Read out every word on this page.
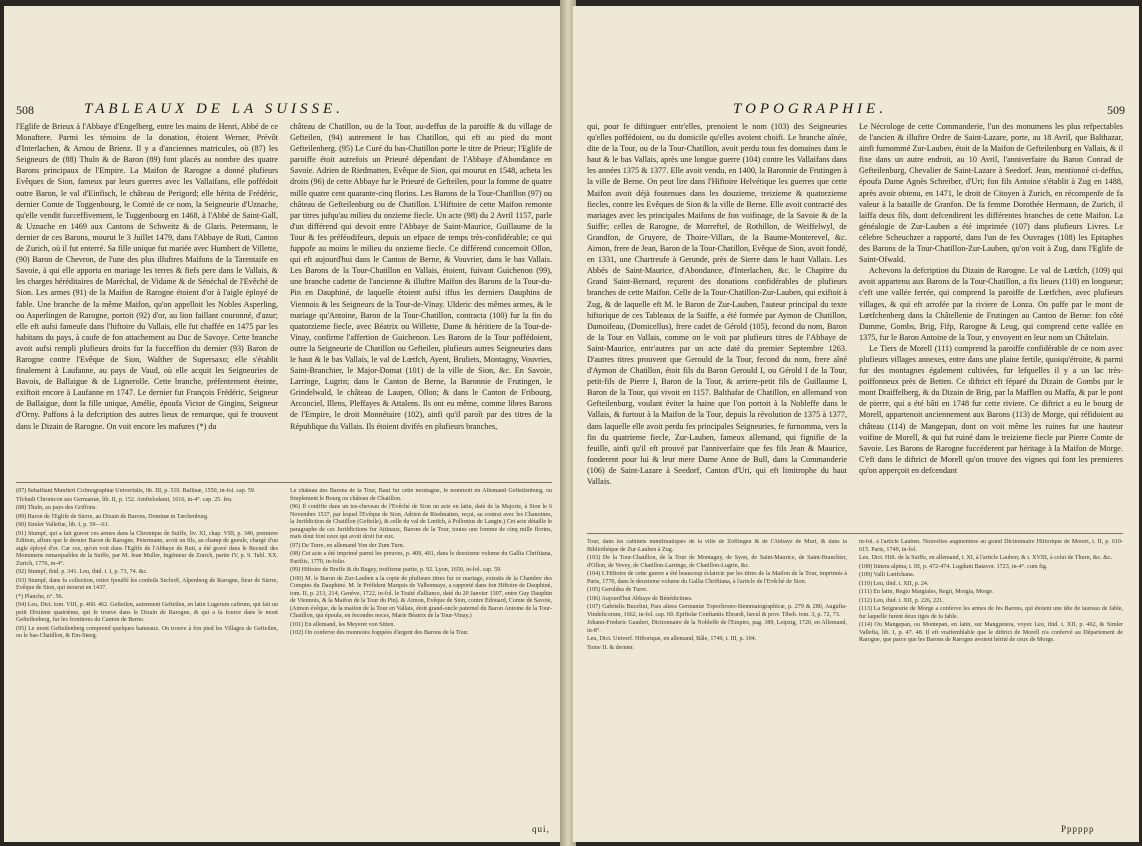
508	TABLEAUX DE LA SUISSE.

l'Eglife de Brieux à l'Abbaye d'Engelberg, entre les mains de Henri, Abbé de ce Monaftere. Parmi les témoins de la donation, étoient Werner, Prévôt d'Interlachen, & Arnou de Brienz. Il y a d'anciennes matricules, où (87) les Seigneurs de (88) Thuln & de Baron (89) font placés au nombre des quatre Barons principaux de l'Empire. La Maifon de Rarogne a donné plufieurs Evêques de Sion, fameux par leurs guerres avec les Vallaifans, elle poffédoit outre Baron, le val d'Einfisch, le château de Perigord; elle hérita de Frédéric, dernier Comte de Toggenbourg, le Comté de ce nom, la Seigneurie d'Uznache, qu'elle vendit fucceffivement, le Tuggenbourg en 1468, à l'Abbé de Saint-Gall, & Uznache en 1469 aux Cantons de Schweitz & de Glaris. Petermann, le dernier de ces Barons, mourut le 3 Juillet 1479, dans l'Abbaye de Ruti, Canton de Zurich, où il fut enterré. Sa fille unique fut mariée avec Humbert de Villette, (90) Baron de Chevron, de l'une des plus illuftres Maifons de la Tarentaife en Savoie, à qui elle apporta en mariage les terres & fiefs pere dans le Vallais, & les charges héréditaires de Maréchal, de Vidame & de Sénéchal de l'Evêché de Sion. Les armes (91) de la Maifon de Rarogne étoient d'or à l'aigle éployé de fable. Une branche de la même Maifon, qu'on appelloit les Nobles Asperling, ou Asperlingen de Rarogne, portoit (92) d'or, au lion faillant couronné, d'azur; elle eft aufsi fameufe dans l'hiftoire du Vallais, elle fut chaffée en 1475 par les habitans du pays, à caufe de fon attachement au Duc de Savoye. Cette branche avoit aufsi rempli plufieurs droits fur la fucceffion du dernier (93) Baron de Rarogne contre l'Evêque de Sion, Walther de Supersaxo; elle s'établit finalement à Laufanne, au pays de Vaud, où elle acquit les Seigneuries de Bavois, de Ballaigue & de Lignerolle. Cette branche, préfentement éteinte, exiftoit encore à Laufanne en 1747. Le dernier fut François Frédéric, Seigneur de Ballaigue, dont la fille unique, Amélie, époufa Victor de Gingins, Seigneur d'Orny. Paffons à la defcription des autres lieux de remarque, qui fe trouvent dans le Dizain de Rarogne. On voit encore les mafures (*) du

château de Chatillon, ou de la Tour, au-deffus de la paroiffe & du village de Gefteilen, (94) autrement le bas Chatillon, qui eft au pied du mont Gefteilenberg. (95) Le Curé du bas-Chatillon porte le titre de Prieur; l'Eglife de paroiffe étoit autrefois un Prieuré dépendant de l'Abbaye d'Abondance en Savoie. Adrien de Riedmatten, Evêque de Sion, qui mourut en 1548, acheta les droits (96) de cette Abbaye fur le Prieuré de Gefteilen, pour la fomme de quatre mille quatre cent quarante-cinq florins. Les Barons de la Tour-Chatillon (97) ou château de Gefteilenburg ou de Chatillon. L'Hiftoire de cette Maifon remonte par titres jufqu'au milieu du onzieme fiecle. Un acte (98) du 2 Avril 1157, parle d'un différend qui devoit entre l'Abbaye de Saint-Maurice, Guillaume de la Tour & fes préféodifeurs, depuis un efpace de temps très-confidérable; ce qui fuppofe au moins le milieu du onzieme fiecle. Ce différend concernoit Ollon, qui eft aujourd'hui dans le Canton de Berne, & Vouvrier, dans le bas Vallais. Les Barons de la Tour-Chatillon en Vallais, étoient, fuivant Guichenon (99), une branche cadette de l'ancienne & illuftre Maifon des Barons de la Tour-du-Pin en Dauphiné, de laquelle étoient aufsi iffus les derniers Dauphins de Viennois & les Seigneurs de la Tour-de-Vinay. Ulderic des mêmes armes, & le mariage qu'Antoine, Baron de la Tour-Chatillon, contracta (100) fur la fin du quatorzieme fiecle, avec Béatrix ou Willette, Dame & héritiere de la Tour-de-Vinay, confirme l'affertion de Guichenon. Les Barons de la Tour poffédoient, outre la Seigneurie de Chatillon ou Gefteilen, plufieurs autres Seigneuries dans le haut & le bas Vallais, le val de Lœtfch, Ayent, Bruliets, Montagny, Vouvries, Saint-Branchier, le Major-Domat (101) de la ville de Sion, &c. En Savoie, Larringe, Lugrin; dans le Canton de Berne, la Baronnie de Frutingen, le Grindelwald, le château de Laupen, Ollon; & dans le Canton de Fribourg, Arconciel, Illens, Pleffayes & Attalens. Ils ont eu même, comme libres Barons de l'Empire, le droit Monnétaire (102), ainfi qu'il paroît par des titres de la République du Vallais. Ils étoient divifés en plufieurs branches,

(87) Sebaftiani Munfteri Cofmographiæ Univerfalis, lib. III, p. 510. Bafileæ, 1550, in-fol. cap. 59.

Tfchudi Chronicon seu Germaniæ, lib. II, p. 152. Amftelodami, 1616, in-4°. cap. 25. feu.

(88) Thuln, au pays des Griffons.

(89) Baron de l'Eglife de Sierre, au Dizain de Barons, Dominæ in Tæchenburg.

(90) Simler Vallefiæ, lib. I, p. 59—61.

(91) Stumpf, qui a fait graver ces armes dans la Chronique de Suiffe, liv. XI, chap. VIII, p. 340, premiere Edition, affure que le dernier Baron de Rarogne, Petermann, avoit un fils, au champ de gueule, chargé d'un aigle éployé d'or. Car ces, qu'on voit dans l'Eglife de l'Abbaye de Ruti, a été gravé dans le Recueil des Monumens remarquables de la Suiffe, par M. Jean Muller, Ingénieur de Zurich, partie IV, p. 9. Tabl. XX. Zurich, 1776, in-4°.

(92) Stumpf, ibid. p. 341. Leu, ibid. t. I, p. 73, 74. &c.

(93) Stumpf, dans fa collection, retire fpouffé les confeils Sechoff, Alpenberg de Rarogne, fieur de Sierre, Evêque de Sion, qui mourut en 1437.

(*) Planche, n°. 56.

(94) Leu, Dict. tom. VIII, p. 460. 462. Gefteilen, autrement Gefteilen, en latin Lugerum caftrum, qui fait un petit Dixième quatrième, qui fe trouve dans le Dizain de Rarogne, & qui a fa fource dans le mont Gefteilenberg, fur les frontieres du Canton de Berne.

(95) Le mont Gefteilenberg comprend quelques hameaux. On trouve à fon pied les Villages de Gefteilen, ou le bas-Chatillon, & Em-Steeg.

Le château des Barons de la Tour, Baut fur cette montagne, fe nommoit en Allemand Gefteilenburg, ou fimplement le Bourg ou château de Chatillon.

(96) Il confifte dans un tes-cheveau de l'Evêché de Sion un acte en latin, daté de la Majorie, à Sion le 6 Novembre 1537, par lequel l'Evêque de Sion, Adrien de Riedmatten, reçut, au contrat avec les Chanoines, la Jurifdiction de Chatillon (Gefteile), & celle du val de Lœtfch, à Pollonius de Langin.) Cet acte détaille le paragraphe de ces Jurifdictions fur Attinaux, Barons de la Tour, toutes une fomme de cinq mille florins, mais dont font ceux qui avoit droit fur eux.

(97) De Turre, en allemand Von der Zum Turn.

(98) Cet acte a été imprimé parmi les preuves, p. 409, 401, dans le deuxieme volume du Gallia Chriftiana, Parifiis, 1770, in-folio.

(99) Hiftoire de Breffe & du Bugey, troifieme partie, p. 92. Lyon, 1650, in-fol. cap. 59.

(100) M. le Baron de Zur-Lauben a la copie de plufieurs titres fur ce mariage, extraits de la Chambre des Comptes du Dauphiné. M. le Préfident Marquis de Valbonnays, a rapporté dans fon Hiftoire de Dauphiné, tom. II, p. 213, 214, Genève, 1722, in-fol. le Traité d'alliance, daté du 20 Janvier 1307, entre Guy Dauphin de Viennois, & la Maifon de la Tour du Pin). & Aimon, Evêque de Sion, contre Edouard, Comte de Savoie, (Aimon évêque, de la maifon de la Tour en Vallais, étoit grand-oncle paternel du Baron Antoine de la Tour-Chatillon, qui époufa, en fecondes noces, Marie Béatrix de la Tour-Vinay.)

(101) En allemand, les Meyeret von Sitten.

(102) On conferve des monnoies frappées d'argent des Barons de la Tour.

qui,
TOPOGRAPHIE.	509

qui, pour fe diftinguer entr'elles, prenoient le nom (103) des Seigneuries qu'elles poffédoient, ou du domicile qu'elles avoient choifi. Le branche aînée, dite de la Tour, ou de la Tour-Chatillon, avoit perdu tous fes domaines dans le haut & le bas Vallais, après une longue guerre (104) contre les Vallaifans dans les années 1375 & 1377. Elle avoit vendu, en 1400, la Baronnie de Frutingen à la ville de Berne. On peut lire dans l'Hiftoire Helvétique les guerres que cette Maifon avoit déjà foutenues dans les douzieme, treizieme & quatorzieme fiecles, contre les Evêques de Sion & la ville de Berne. Elle avoit contracté des mariages avec les principales Maifons de fon voifinage, de la Savoie & de la Suiffe; celles de Rarogne, de Morreftel, de Rothillon, de Weiffelwyl, de Grandfon, de Gruyere, de Thoire-Villars, de la Baume-Monterevel, &c. Aimon, frere de Jean, Baron de la Tour-Chatillon, Evêque de Sion, avoit fondé, en 1331, une Chartreufe à Gerunde, près de Sierre dans le haut Vallais. Les Abbés de Saint-Maurice, d'Abondance, d'Interlachen, &c. le Chapitre du Grand Saint-Bernard, reçurent des donations confidérables de plufieurs branches de cette Maifon. Celle de la Tour-Chatillon-Zur-Lauben, qui exiftoit à Zug, & de laquelle eft M. le Baron de Zur-Lauben, l'auteur principal du texte hiftorique de ces Tableaux de la Suiffe, a été formée par Aymon de Chatillon, Damoifeau, (Domicellus), frere cadet de Gérold (105), fecond du nom, Baron de la Tour en Vallais, comme on le voit par plufieurs titres de l'Abbaye de Saint-Maurice, entr'autres par un acte daté du premier Septembre 1263. D'autres titres prouvent que Gerould de la Tour, fecond du nom, frere aîné d'Aymon de Chatillon, étoit fils du Baron Gerould I, ou Gérold I de la Tour, petit-fils de Pierre I, Baron de la Tour, & arriere-petit fils de Guillaume I, Baron de la Tour, qui vivoit en 1157. Balthafar de Chatillon, en allemand von Gefteilenburg, voulant éviter la haine que l'on portoit à la Nobleffe dans le Vallais, & furtout à la Maifon de la Tour, depuis la révolution de 1375 à 1377, dans laquelle elle avoit perdu fes principales Seigneuries, fe furnomma, vers la fin du quatrieme fiecle, Zur-Lauben, fameux allemand, qui fignifie de la feuille, ainfi qu'il eft prouvé par l'anniverfaire que fes fils Jean & Maurice, fonderent pour lui & leur mere Dame Anne de Bull, dans la Commanderie (106) de Saint-Lazare à Seedorf, Canton d'Uri, qui eft limitrophe du haut Vallais.

Le Nécrologe de cette Commanderie, l'un des monumens les plus refpectables de l'ancien & illuftre Ordre de Saint-Lazare, porte, au 18 Avril, que Balthazar, ainfi furnommé Zur-Lauben, étoit de la Maifon de Gefteilenburg en Vallais, & il fixe dans un autre endroit, au 10 Avril, l'anniverfaire du Baron Conrad de Gefteilenburg, Chevalier de Saint-Lazare à Seedorf. Jean, mentionné ci-deffus, époufa Dame Agnès Schreiber, d'Uri; fon fils Antoine s'établit à Zug en 1488, après avoir obtenu, en 1471, le droit de Citoyen à Zurich, en récompenfe de fa valeur à la bataille de Granfon. De fa femme Dorothée Hermann, de Zurich, il laiffa deux fils, dont defcendirent les différentes branches de cette Maifon. La généalogie de Zur-Lauben a été imprimée (107) dans plufieurs Livres. Le célebre Scheuchzer a rapporté, dans l'un de fes Ouvrages (108) les Epitaphes des Barons de la Tour-Chatillon-Zur-Lauben, qu'on voit à Zug, dans l'Eglife de Saint-Ofwald.

Achevons la defcription du Dizain de Rarogne. Le val de Lœtfch, (109) qui avoit appartenu aux Barons de la Tour-Chatillon, a fix lieues (110) en longueur; c'eft une vallée ferrée, qui comprend la paroiffe de Lœtfchen, avec plufieurs villages, & qui eft arrofée par la riviere de Lonza. On paffe par le mont de Lœtfchenberg dans la Châtellenie de Frutingen au Canton de Berne: fon côté Damme, Gombs, Brig, Fifp, Rarogne & Leug, qui comprend cette vallée en 1375, fur le Baron Antoine de la Tour, y envoyent en leur nom un Châtelain.

Le Tiers de Morell (111) comprend la paroiffe confidérable de ce nom avec plufieurs villages annexes, entre dans une plaine fertile, quoiqu'étroite, & parmi fur des montagnes également cultivées, fur lefquelles il y a un lac très-poiffonneux près de Betten. Ce diftrict eft féparé du Dizain de Gombs par le mont Draiffelberg, & du Dizain de Brig, par la Mafflen ou Maffa, & par le pont de pierre, qui a été bâti en 1748 fur cette riviere. Ce diftrict a eu le bourg de Morell, appartenoit anciennement aux Barons (113) de Morge, qui réfidoient au château (114) de Mangepan, dont on voit même les ruines fur une hauteur voifine de Morell, & qui fut ruiné dans le treizieme fiecle par Pierre Comte de Savoie. Les Barons de Rarogne fuccéderent par héritage à la Maifon de Morge. C'eft dans le diftrict de Morell qu'on trouve des vignes qui font les premieres qu'on apperçoit en defcendant

Tour, dans les cabinets numifmatiques de la ville de Zoffingen & de l'Abbaye de Muri, & dans la Bibliothèque de Zur-Lauben à Zug.

(103) De la Tour-Chatillon, de la Tour de Montagny, de Syon, de Saint-Maurice, de Saint-Branchier, d'Ollon, de Vevey, de Chatillon-Larringe, de Chatillon-Lugrin, &c.

(104) L'Hiftoire de cette guerre a été beaucoup éclaircie par les titres de la Maifon de la Tour, imprimés à Paris, 1770, dans le deuxieme volume du Gallia Chriftiana, à l'article de l'Evêché de Sion.

(105) Geroldus de Turre.

(106) Aujourd'hui Abbaye de Bénédictines.

(107) Gabrielis Bucelini, Pars altera Germaniæ Topochrono-Stemmatographicæ, p. 279 & 280, Augufta-Vindelicorum, 1662, in-fol. cap. 69. Epiftolæ Conftantis Ebrardi, fæcul & prov. Tibeh. tom. 3, p. 72, 73.

Johann-Frederic Gaudert, Dictionnaire de la Nobleffe de l'Empire, pag. 389, Leipzig, 1720, en Allemand, in-8°.

Leu, Dict. Univerf. Hiftorique, en allemand, Bâle, 1749, t. III, p. 104.

Tome II. & dernier.

in-fol. à l'article Lauben. Nouvelles augmentées au grand Dictionnaire Hiftorique de Moreri, t. II, p. 610-615. Paris, 1749, in-fol.

Leu. Dict. Hift. de la Suiffe, en allemand, t. XI, à l'article Lauben; & t. XVIII, à celui de Thurn, &c. &c.

(108) Itinera alpina, t. III, p. 472-474. Lugduni Batavor. 1723, in-4°. cum fig.

(109) Valli Lœtfchana.

(110) Leu, ibid. t. XII, p. 24.

(111) En latin, Regio Margiales, Regii, Morgia, Morge.

(112) Leu, ibid. t. XII, p. 226, 221.

(113) La Seigneurie de Morge a conferve les armes de fes Barons, qui étoient une tête de taureau de fable, fur laquelle furent deux tiges de fa fable.

(114) Ou Mangepan, ou Montepan, en latin, sur Mangpetera, voyez Leu, ibid. t. XII, p. 462, & Simler Vallefia, lib. I, p. 47. 48. Il eft vraifemblable que le diftrict de Morell n'a confervé au Dépariement de Rarogne, que parce que les Barons de Rarogne avoient hérité de ceux de Morge.

Pppppp
